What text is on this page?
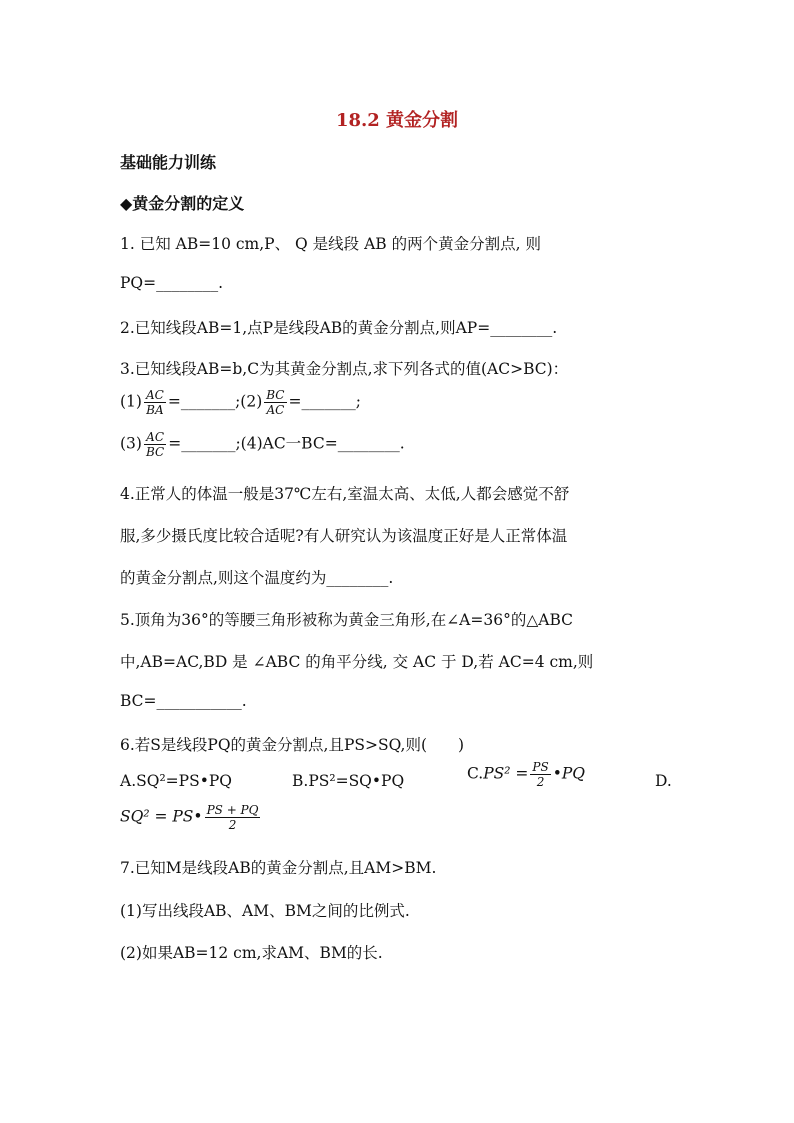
18.2 黄金分割
基础能力训练
◆黄金分割的定义
1. 已知 AB=10 cm,P、 Q 是线段 AB 的两个黄金分割点, 则
PQ=________.
2.已知线段AB=1,点P是线段AB的黄金分割点,则AP=________.
3.已知线段AB=b,C为其黄金分割点,求下列各式的值(AC>BC)：
$(1) \frac{AC}{BA}$ =_______;(2) $\frac{BC}{AC}$ =_______;
$(3) \frac{AC}{BC}$ =_______;(4)AC一BC=________.
4.正常人的体温一般是37℃左右,室温太高、太低,人都会感觉不舒
服,多少摄氏度比较合适呢?有人研究认为该温度正好是人正常体温
的黄金分割点,则这个温度约为________.
5.顶角为36°的等腰三角形被称为黄金三角形,在∠A=36°的△ABC
中,AB=AC,BD 是 ∠ABC 的角平分线, 交 AC 于 D,若 AC=4 cm,则
BC=___________.
6.若S是线段PQ的黄金分割点,且PS>SQ,则(　　)
A.SQ²=PS•PQ	B.PS²=SQ•PQ	$C.PS^2 = \frac{PS}{2}$ •PQ	D.
SQ² = PS• $\frac{PS + PQ}{2}$
7.已知M是线段AB的黄金分割点,且AM>BM.
(1)写出线段AB、AM、BM之间的比例式.
(2)如果AB=12 cm,求AM、BM的长.
